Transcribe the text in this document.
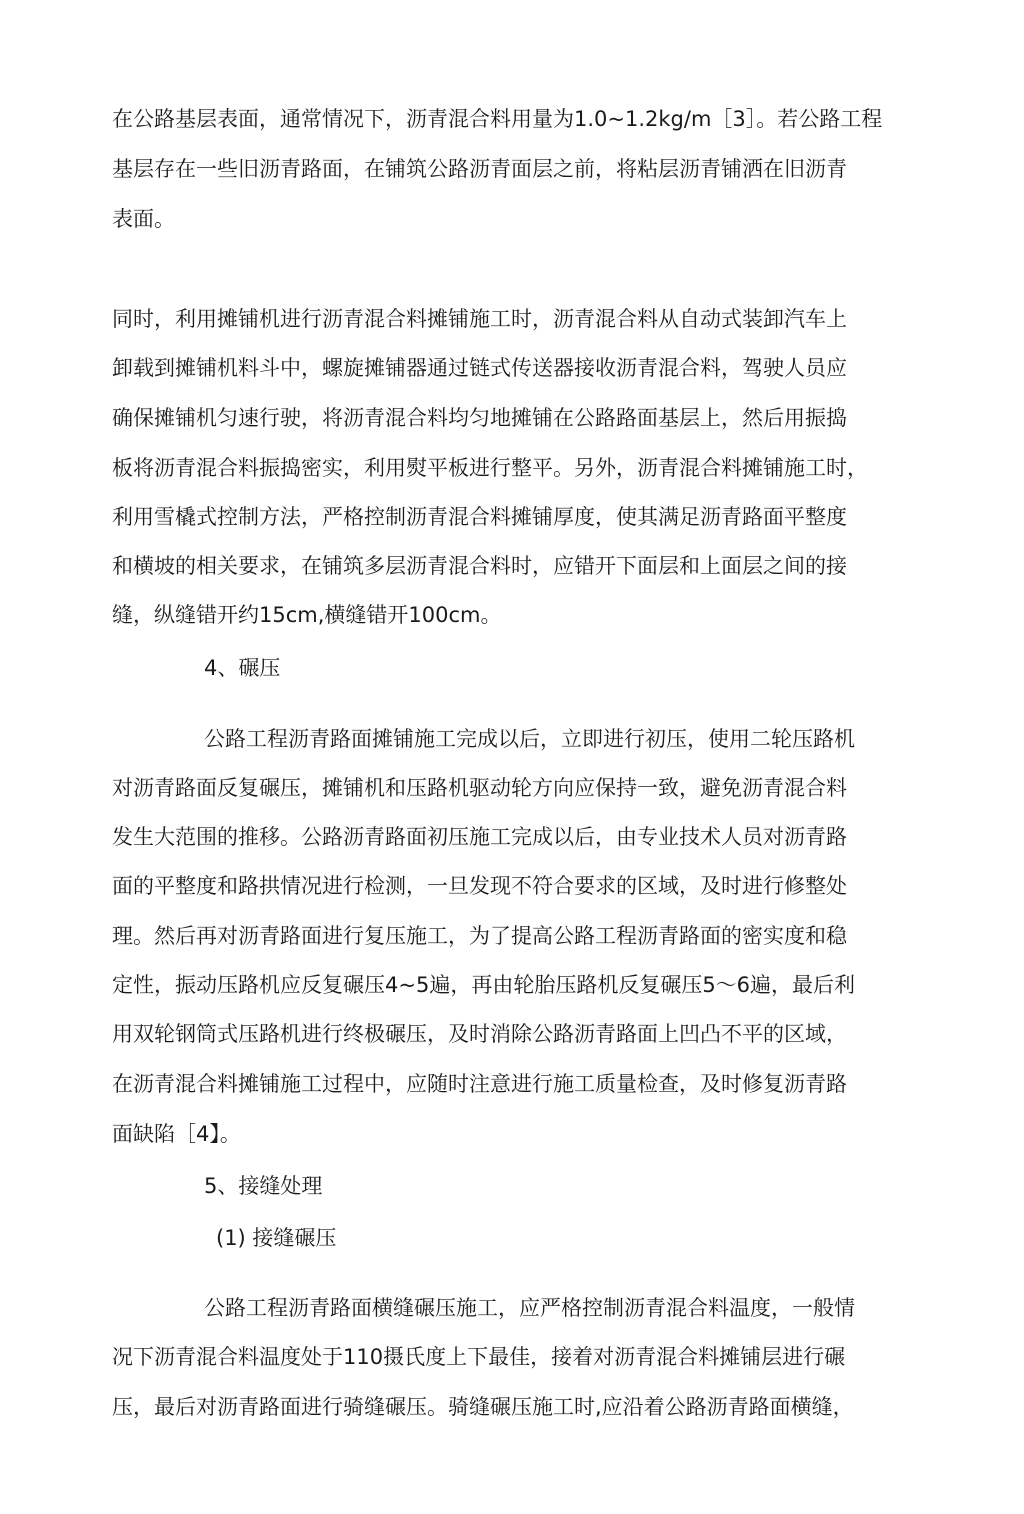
在公路基层表面，通常情况下，沥青混合料用量为1.0~1.2kg/m［3］。若公路工程
基层存在一些旧沥青路面，在铺筑公路沥青面层之前，将粘层沥青铺洒在旧沥青
表面。
同时，利用摊铺机进行沥青混合料摊铺施工时，沥青混合料从自动式装卸汽车上
卸载到摊铺机料斗中，螺旋摊铺器通过链式传送器接收沥青混合料，驾驶人员应
确保摊铺机匀速行驶，将沥青混合料均匀地摊铺在公路路面基层上，然后用振捣
板将沥青混合料振捣密实，利用熨平板进行整平。另外，沥青混合料摊铺施工时，
利用雪橇式控制方法，严格控制沥青混合料摊铺厚度，使其满足沥青路面平整度
和横坡的相关要求，在铺筑多层沥青混合料时，应错开下面层和上面层之间的接
缝，纵缝错开约15cm,横缝错开100cm。
4、碾压
公路工程沥青路面摊铺施工完成以后，立即进行初压，使用二轮压路机
对沥青路面反复碾压，摊铺机和压路机驱动轮方向应保持一致，避免沥青混合料
发生大范围的推移。公路沥青路面初压施工完成以后，由专业技术人员对沥青路
面的平整度和路拱情况进行检测，一旦发现不符合要求的区域，及时进行修整处
理。然后再对沥青路面进行复压施工，为了提高公路工程沥青路面的密实度和稳
定性，振动压路机应反复碾压4~5遍，再由轮胎压路机反复碾压5～6遍，最后利
用双轮钢筒式压路机进行终极碾压，及时消除公路沥青路面上凹凸不平的区域，
在沥青混合料摊铺施工过程中，应随时注意进行施工质量检查，及时修复沥青路
面缺陷［4】。
5、接缝处理
(1) 接缝碾压
公路工程沥青路面横缝碾压施工，应严格控制沥青混合料温度，一般情
况下沥青混合料温度处于110摄氏度上下最佳，接着对沥青混合料摊铺层进行碾
压，最后对沥青路面进行骑缝碾压。骑缝碾压施工时,应沿着公路沥青路面横缝，
